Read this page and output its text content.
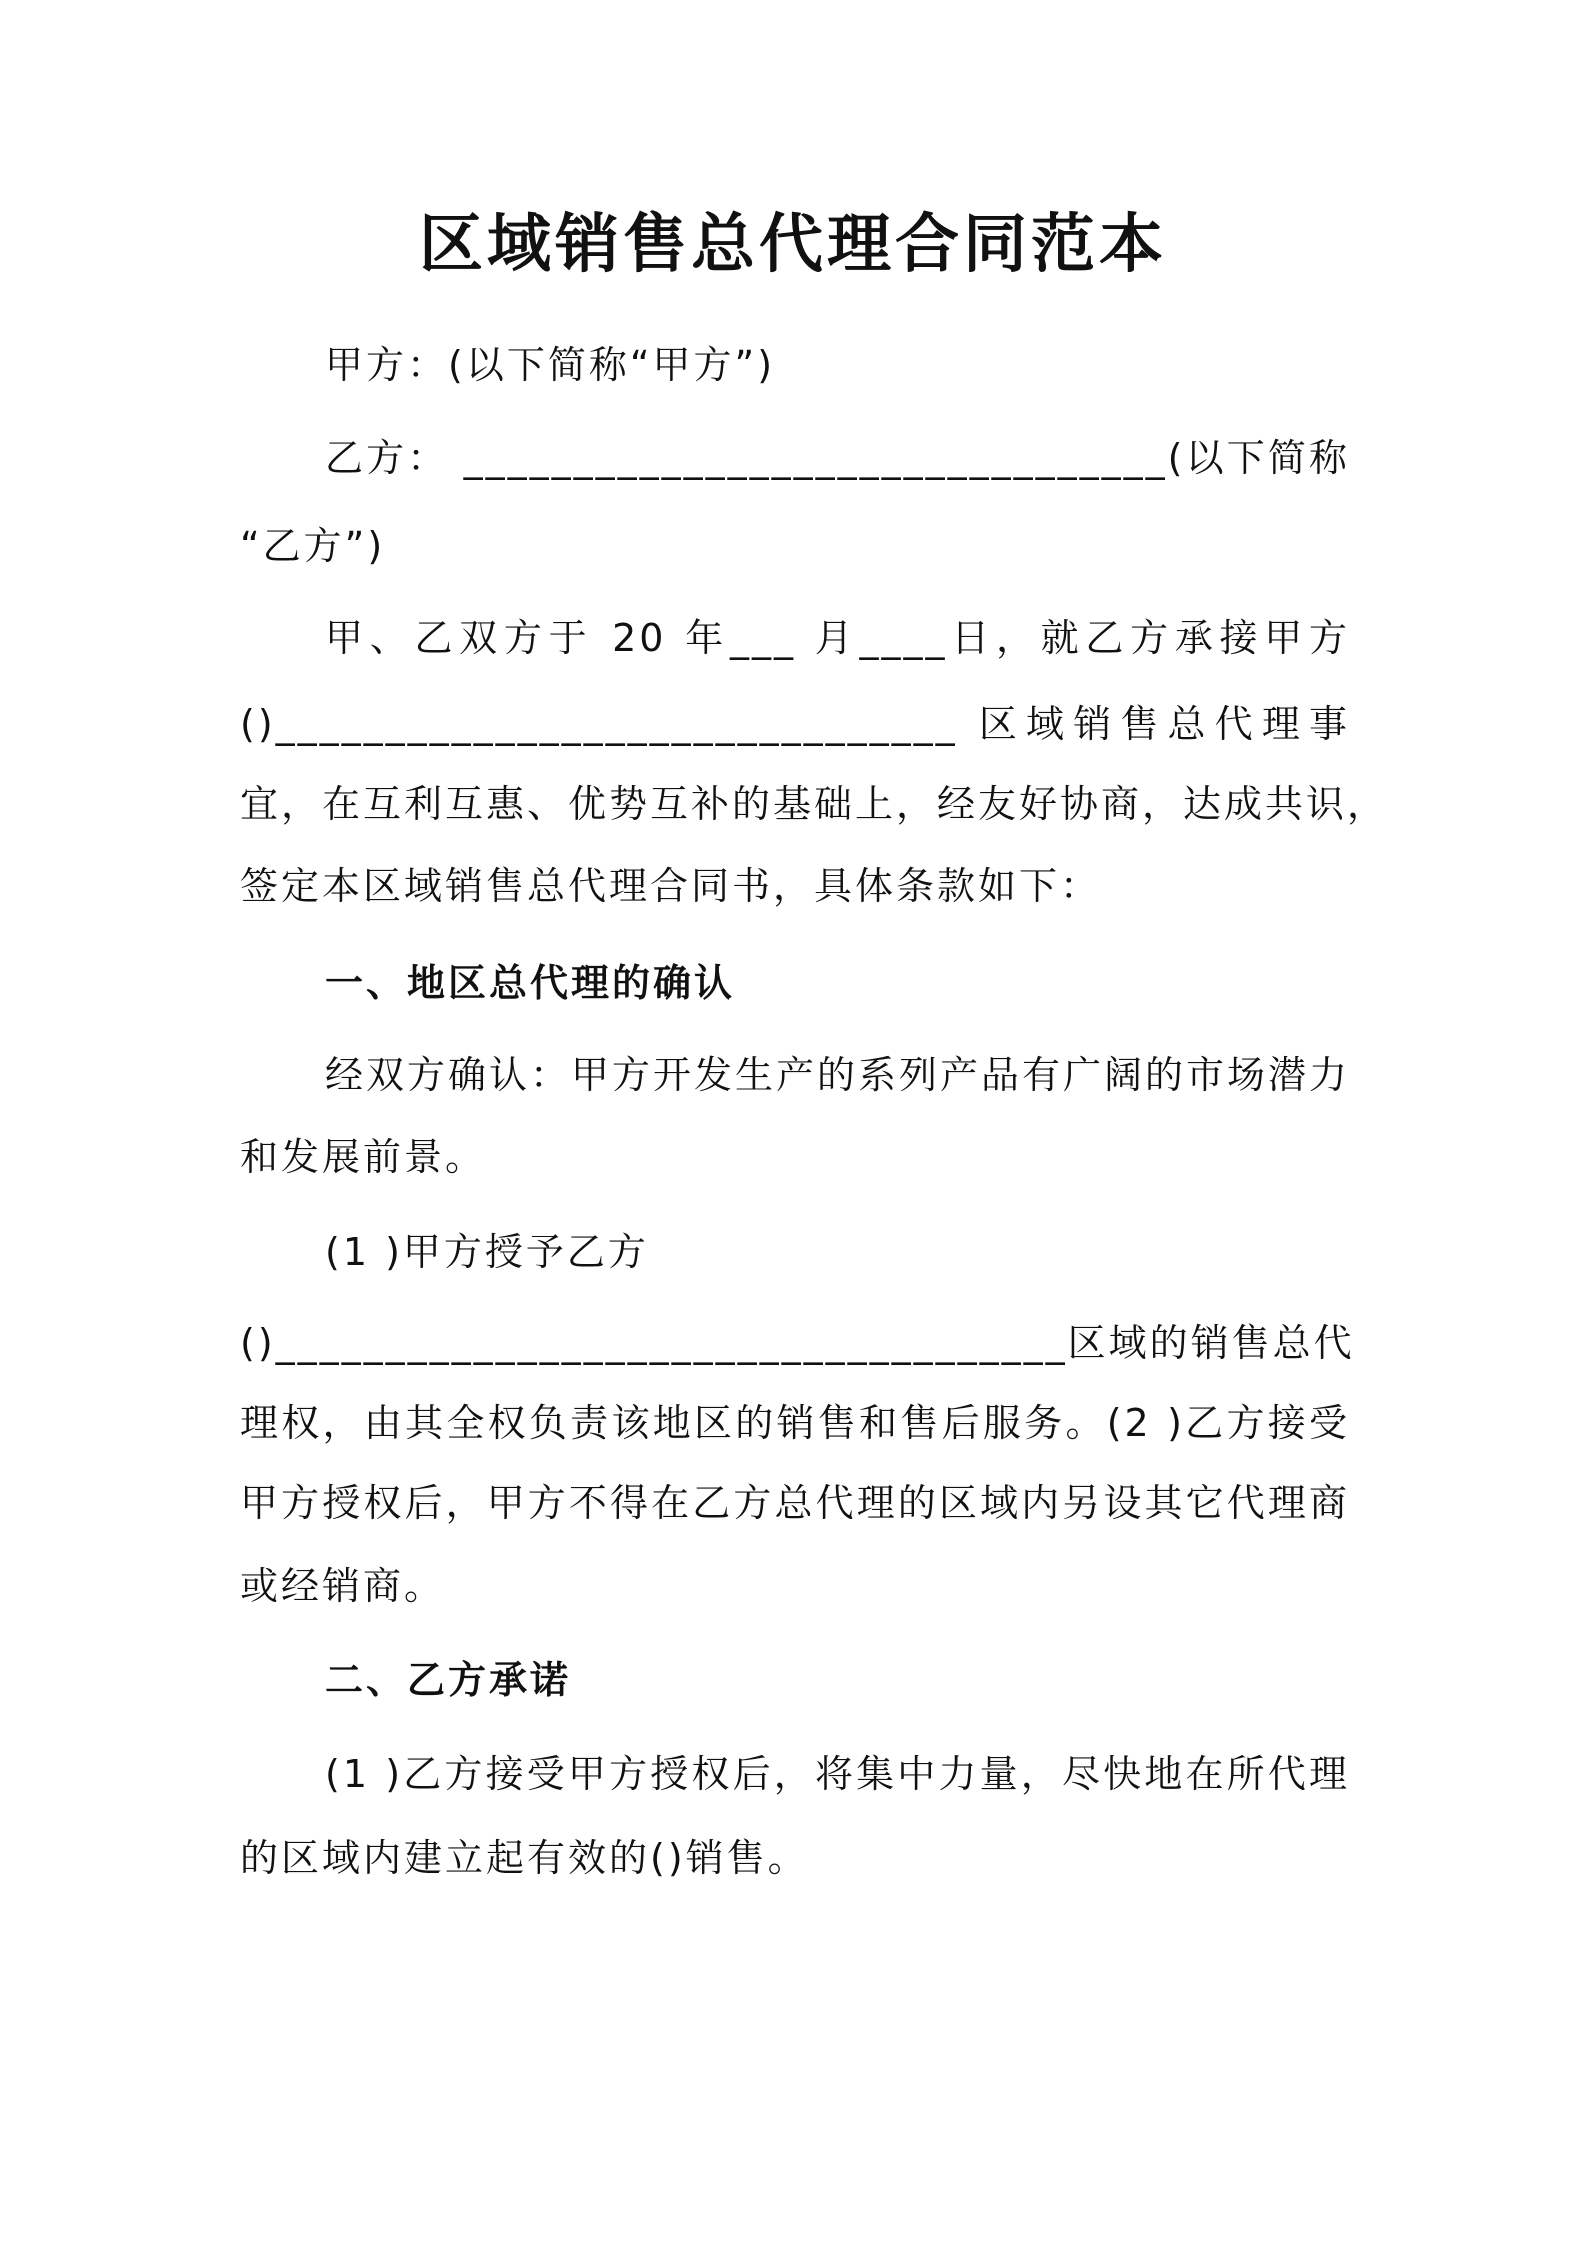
区域销售总代理合同范本
甲方：(以下简称“甲方”)
乙方： ________________________________(以下简称
“乙方”)
甲、乙双方于 20 年___ 月____日，就乙方承接甲方
()_______________________________ 区域销售总代理事
宜，在互利互惠、优势互补的基础上，经友好协商，达成共识，
签定本区域销售总代理合同书，具体条款如下：
一、地区总代理的确认
经双方确认：甲方开发生产的系列产品有广阔的市场潜力
和发展前景。
(1 )甲方授予乙方
()____________________________________区域的销售总代
理权，由其全权负责该地区的销售和售后服务。(2 )乙方接受
甲方授权后，甲方不得在乙方总代理的区域内另设其它代理商
或经销商。
二、乙方承诺
(1 )乙方接受甲方授权后，将集中力量，尽快地在所代理
的区域内建立起有效的()销售。
